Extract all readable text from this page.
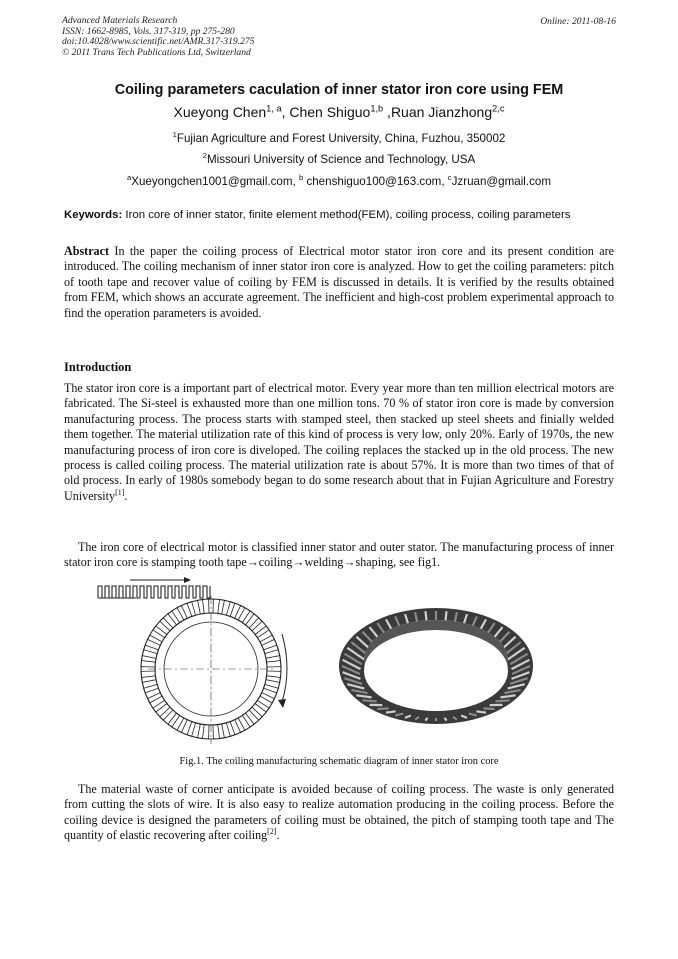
Advanced Materials Research
ISSN: 1662-8985, Vols. 317-319, pp 275-280
doi:10.4028/www.scientific.net/AMR.317-319.275
© 2011 Trans Tech Publications Ltd, Switzerland
Online: 2011-08-16
Coiling parameters caculation of inner stator iron core using FEM
Xueyong Chen$^{1, a}$, Chen Shiguo$^{1,b}$ ,Ruan Jianzhong$^{2,c}$
$^1$Fujian Agriculture and Forest University, China, Fuzhou, 350002
$^2$Missouri University of Science and Technology, USA
$^a$Xueyongchen1001@gmail.com, $^b$ chenshiguo100@163.com, $^c$Jzruan@gmail.com
Keywords: Iron core of inner stator, finite element method(FEM), coiling process, coiling parameters
Abstract In the paper the coiling process of Electrical motor stator iron core and its present condition are introduced. The coiling mechanism of inner stator iron core is analyzed. How to get the coiling parameters: pitch of tooth tape and recover value of coiling by FEM is discussed in details. It is verified by the results obtained from FEM, which shows an accurate agreement. The inefficient and high-cost problem experimental approach to find the operation parameters is avoided.
Introduction
The stator iron core is a important part of electrical motor. Every year more than ten million electrical motors are fabricated. The Si-steel is exhausted more than one million tons. 70 % of stator iron core is made by conversion manufacturing process. The process starts with stamped steel, then stacked up steel sheets and finially welded them together. The material utilization rate of this kind of process is very low, only 20%. Early of 1970s, the new manufacturing process of iron core is diveloped. The coiling replaces the stacked up in the old process. The new process is called coiling process. The material utilization rate is about 57%. It is more than two times of that of old process. In early of 1980s somebody began to do some research about that in Fujian Agriculture and Forestry University[1].
The iron core of electrical motor is classified inner stator and outer stator. The manufacturing process of inner stator iron core is stamping tooth tape→coiling→welding→shaping, see fig1.
Fig.1. The coiling manufacturing schematic diagram of inner stator iron core
The material waste of corner anticipate is avoided because of coiling process. The waste is only generated from cutting the slots of wire. It is also easy to realize automation producing in the coiling process. Before the coiling device is designed the parameters of coiling must be obtained, the pitch of stamping tooth tape and The quantity of elastic recovering after coiling[2].
